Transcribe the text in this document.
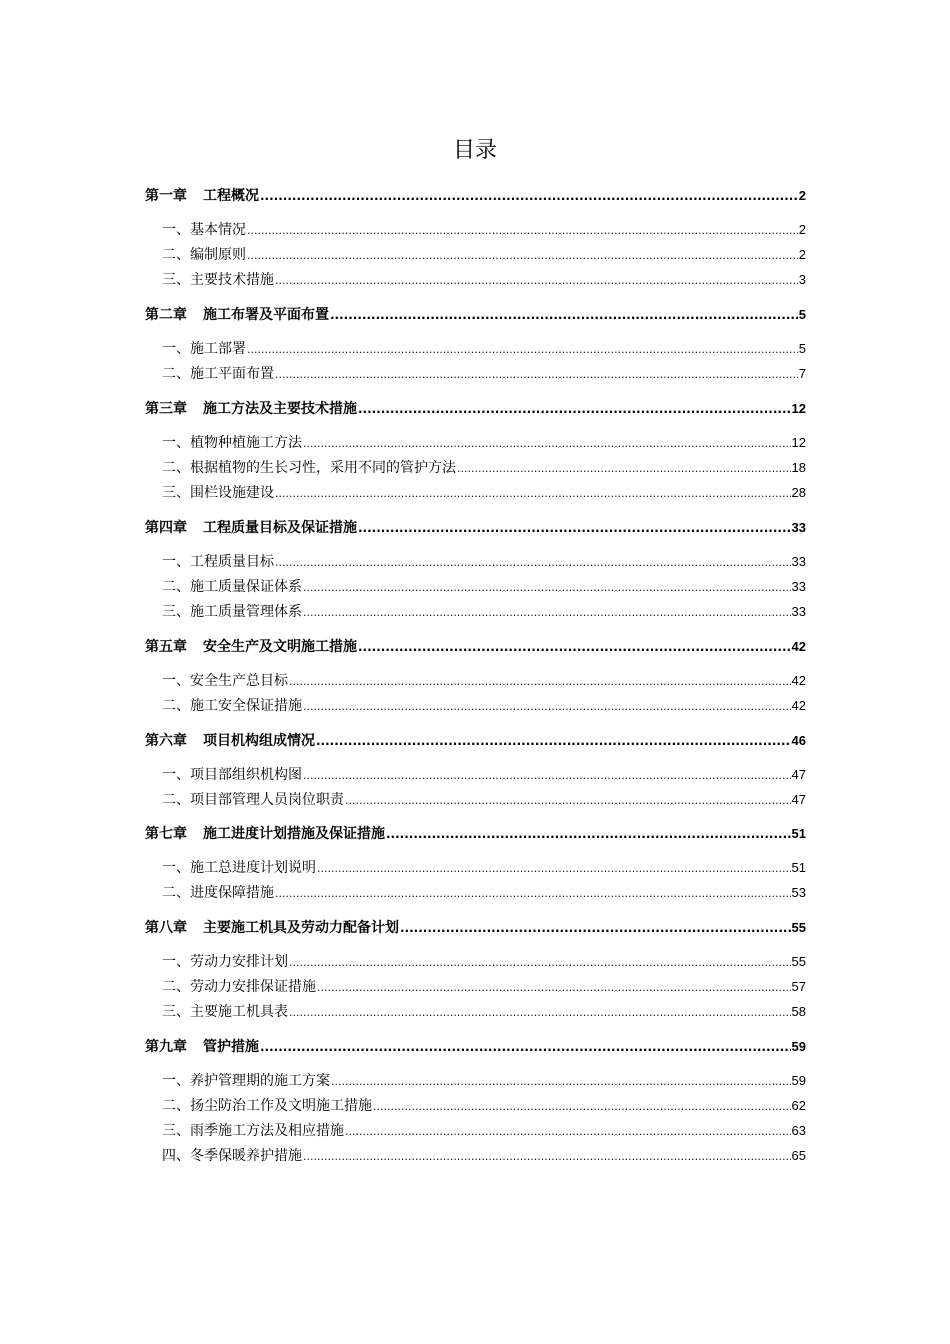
目录
第一章 工程概况 .....	2
一、基本情况 .....	2
二、编制原则 .....	2
三、主要技术措施 .....	3
第二章 施工布署及平面布置 .....	5
一、施工部署 .....	5
二、施工平面布置 .....	7
第三章 施工方法及主要技术措施 .....	12
一、植物种植施工方法 .....	12
二、根据植物的生长习性，采用不同的管护方法 .....	18
三、围栏设施建设 .....	28
第四章 工程质量目标及保证措施 .....	33
一、工程质量目标 .....	33
二、施工质量保证体系 .....	33
三、施工质量管理体系 .....	33
第五章 安全生产及文明施工措施 .....	42
一、安全生产总目标 .....	42
二、施工安全保证措施 .....	42
第六章 项目机构组成情况 .....	46
一、项目部组织机构图 .....	47
二、项目部管理人员岗位职责 .....	47
第七章 施工进度计划措施及保证措施 .....	51
一、施工总进度计划说明 .....	51
二、进度保障措施 .....	53
第八章 主要施工机具及劳动力配备计划 .....	55
一、劳动力安排计划 .....	55
二、劳动力安排保证措施 .....	57
三、主要施工机具表 .....	58
第九章 管护措施 .....	59
一、养护管理期的施工方案 .....	59
二、扬尘防治工作及文明施工措施 .....	62
三、雨季施工方法及相应措施 .....	63
四、冬季保暖养护措施 .....	65
